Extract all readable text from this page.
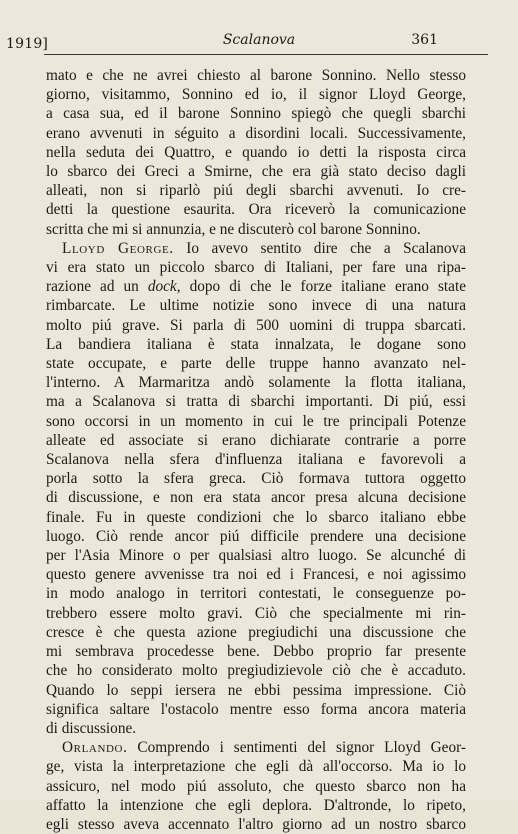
1919]	Scalanova	361
mato e che ne avrei chiesto al barone Sonnino. Nello stesso
giorno, visitammo, Sonnino ed io, il signor Lloyd George,
a casa sua, ed il barone Sonnino spiegò che quegli sbarchi
erano avvenuti in séguito a disordini locali. Successivamente,
nella seduta dei Quattro, e quando io detti la risposta circa
lo sbarco dei Greci a Smirne, che era già stato deciso dagli
alleati, non si riparlò piú degli sbarchi avvenuti. Io cre-
detti la questione esaurita. Ora riceverò la comunicazione
scritta che mi si annunzia, e ne discuterò col barone Sonnino.
Lloyd George. Io avevo sentito dire che a Scalanova
vi era stato un piccolo sbarco di Italiani, per fare una ripa-
razione ad un dock, dopo di che le forze italiane erano state
rimbarcate. Le ultime notizie sono invece di una natura
molto piú grave. Si parla di 500 uomini di truppa sbarcati.
La bandiera italiana è stata innalzata, le dogane sono
state occupate, e parte delle truppe hanno avanzato nel-
l'interno. A Marmaritza andò solamente la flotta italiana,
ma a Scalanova si tratta di sbarchi importanti. Di piú, essi
sono occorsi in un momento in cui le tre principali Potenze
alleate ed associate si erano dichiarate contrarie a porre
Scalanova nella sfera d'influenza italiana e favorevoli a
porla sotto la sfera greca. Ciò formava tuttora oggetto
di discussione, e non era stata ancor presa alcuna decisione
finale. Fu in queste condizioni che lo sbarco italiano ebbe
luogo. Ciò rende ancor piú difficile prendere una decisione
per l'Asia Minore o per qualsiasi altro luogo. Se alcunché di
questo genere avvenisse tra noi ed i Francesi, e noi agissimo
in modo analogo in territori contestati, le conseguenze po-
trebbero essere molto gravi. Ciò che specialmente mi rin-
cresce è che questa azione pregiudichi una discussione che
mi sembrava procedesse bene. Debbo proprio far presente
che ho considerato molto pregiudizievole ciò che è accaduto.
Quando lo seppi iersera ne ebbi pessima impressione. Ciò
significa saltare l'ostacolo mentre esso forma ancora materia
di discussione.
Orlando. Comprendo i sentimenti del signor Lloyd Geor-
ge, vista la interpretazione che egli dà all'occorso. Ma io lo
assicuro, nel modo piú assoluto, che questo sbarco non ha
affatto la intenzione che egli deplora. D'altronde, lo ripeto,
egli stesso aveva accennato l'altro giorno ad un nostro sbarco
